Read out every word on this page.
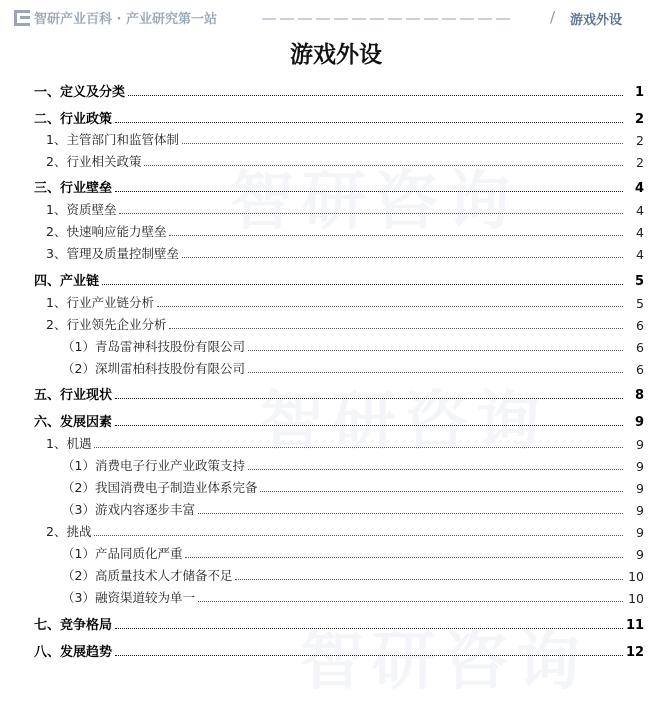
智研产业百科 · 产业研究第一站	/ 游戏外设
智研咨询
智研咨询
智研咨询
游戏外设
一、定义及分类	1
二、行业政策	2
1、主管部门和监管体制	2
2、行业相关政策	2
三、行业壁垒	4
1、资质壁垒	4
2、快速响应能力壁垒	4
3、管理及质量控制壁垒	4
四、产业链	5
1、行业产业链分析	5
2、行业领先企业分析	6
（1）青岛雷神科技股份有限公司	6
（2）深圳雷柏科技股份有限公司	6
五、行业现状	8
六、发展因素	9
1、机遇	9
（1）消费电子行业产业政策支持	9
（2）我国消费电子制造业体系完备	9
（3）游戏内容逐步丰富	9
2、挑战	9
（1）产品同质化严重	9
（2）高质量技术人才储备不足	10
（3）融资渠道较为单一	10
七、竞争格局	11
八、发展趋势	12
